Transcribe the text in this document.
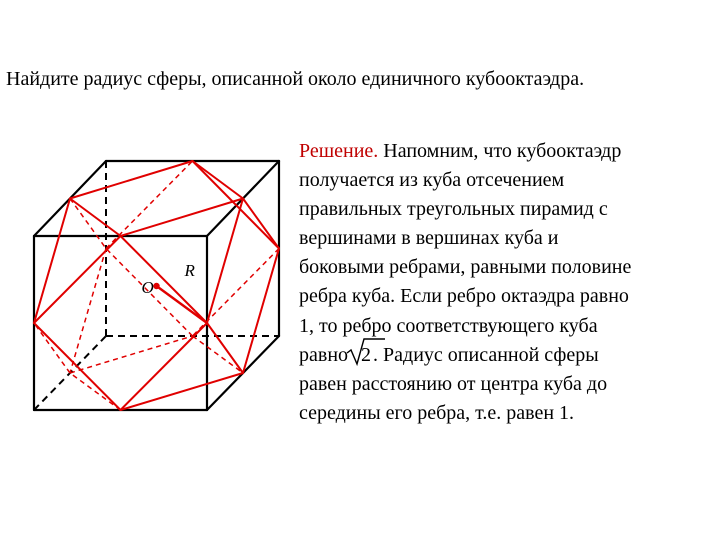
Найдите радиус сферы, описанной около единичного кубооктаэдра.
O
R
Решение. Напомним, что кубооктаэдр
получается из куба отсечением
правильных треугольных пирамид с
вершинами в вершинах куба и
боковыми ребрами, равными половине
ребра куба. Если ребро октаэдра равно
1, то ребро соответствующего куба
равно
2 . Радиус описанной сферы
равен расстоянию от центра куба до
середины его ребра, т.е. равен 1.
